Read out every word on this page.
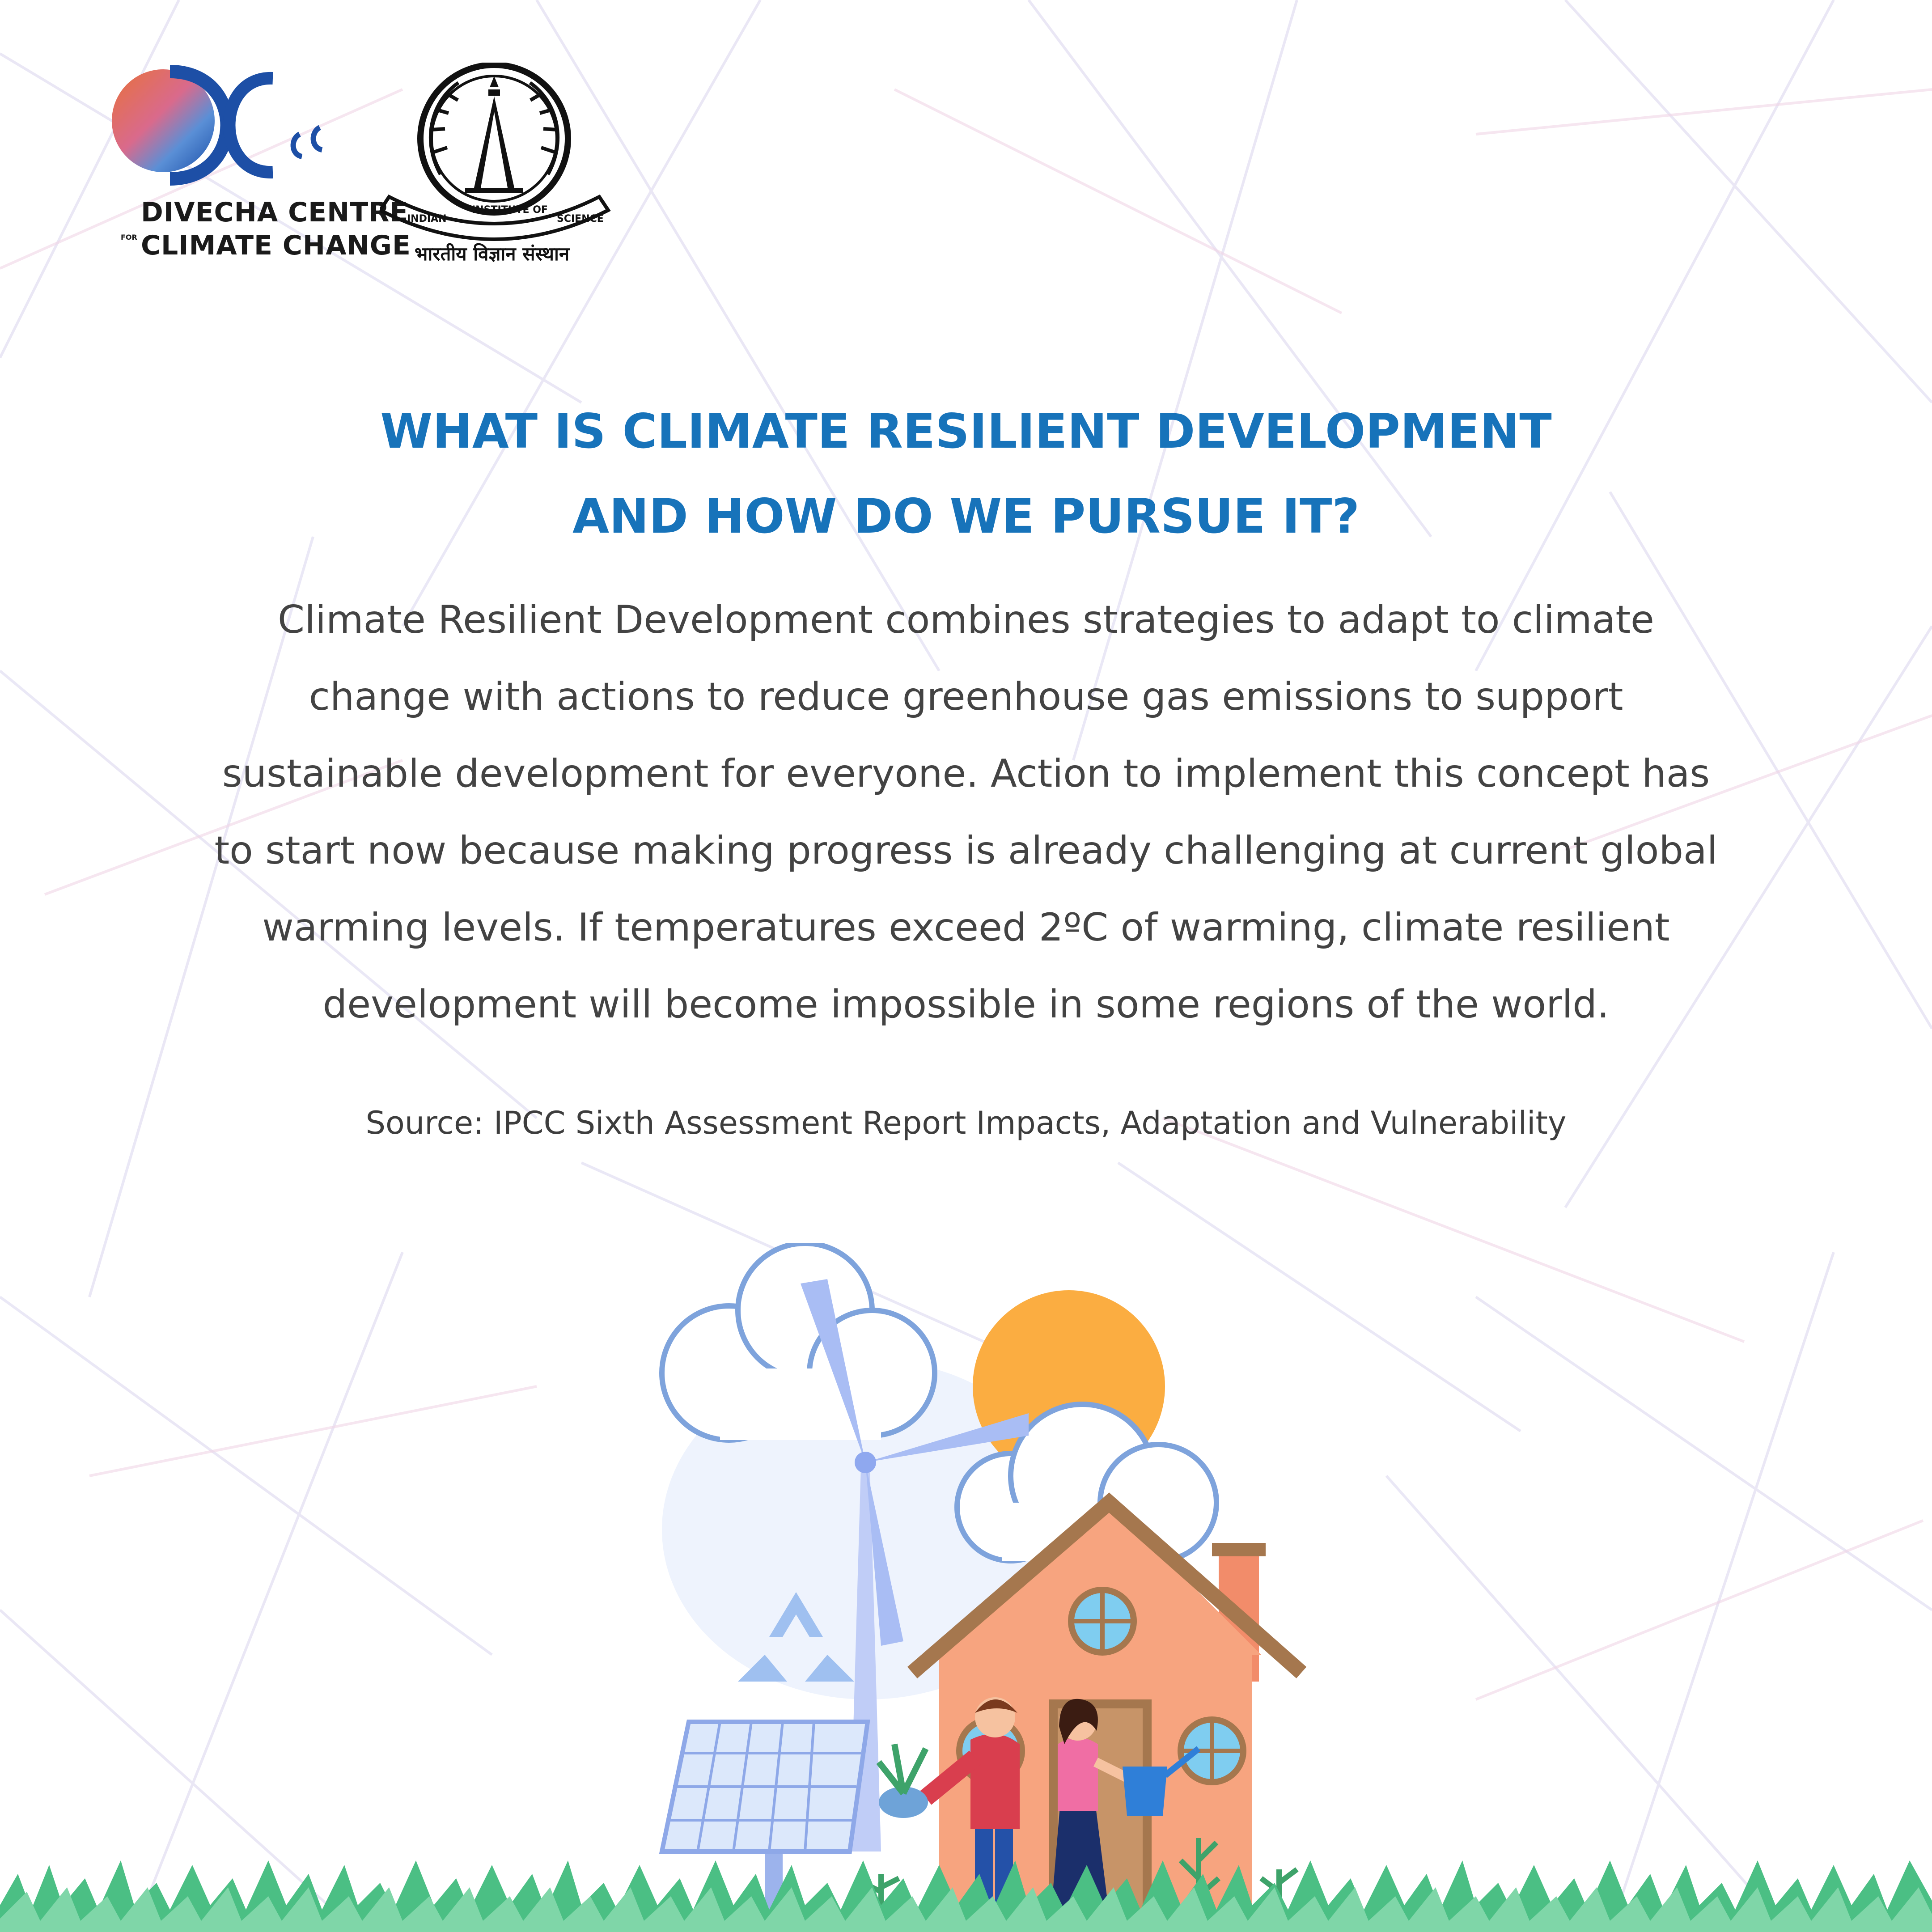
DIVECHA CENTRE
FOR CLIMATE CHANGE
INDIAN INSTITUTE OF SCIENCE
भारतीय विज्ञान संस्थान
WHAT IS CLIMATE RESILIENT DEVELOPMENT
AND HOW DO WE PURSUE IT?
Climate Resilient Development combines strategies to adapt to climate
change with actions to reduce greenhouse gas emissions to support
sustainable development for everyone. Action to implement this concept has
to start now because making progress is already challenging at current global
warming levels. If temperatures exceed 2ºC of warming, climate resilient
development will become impossible in some regions of the world.
Source: IPCC Sixth Assessment Report Impacts, Adaptation and Vulnerability
